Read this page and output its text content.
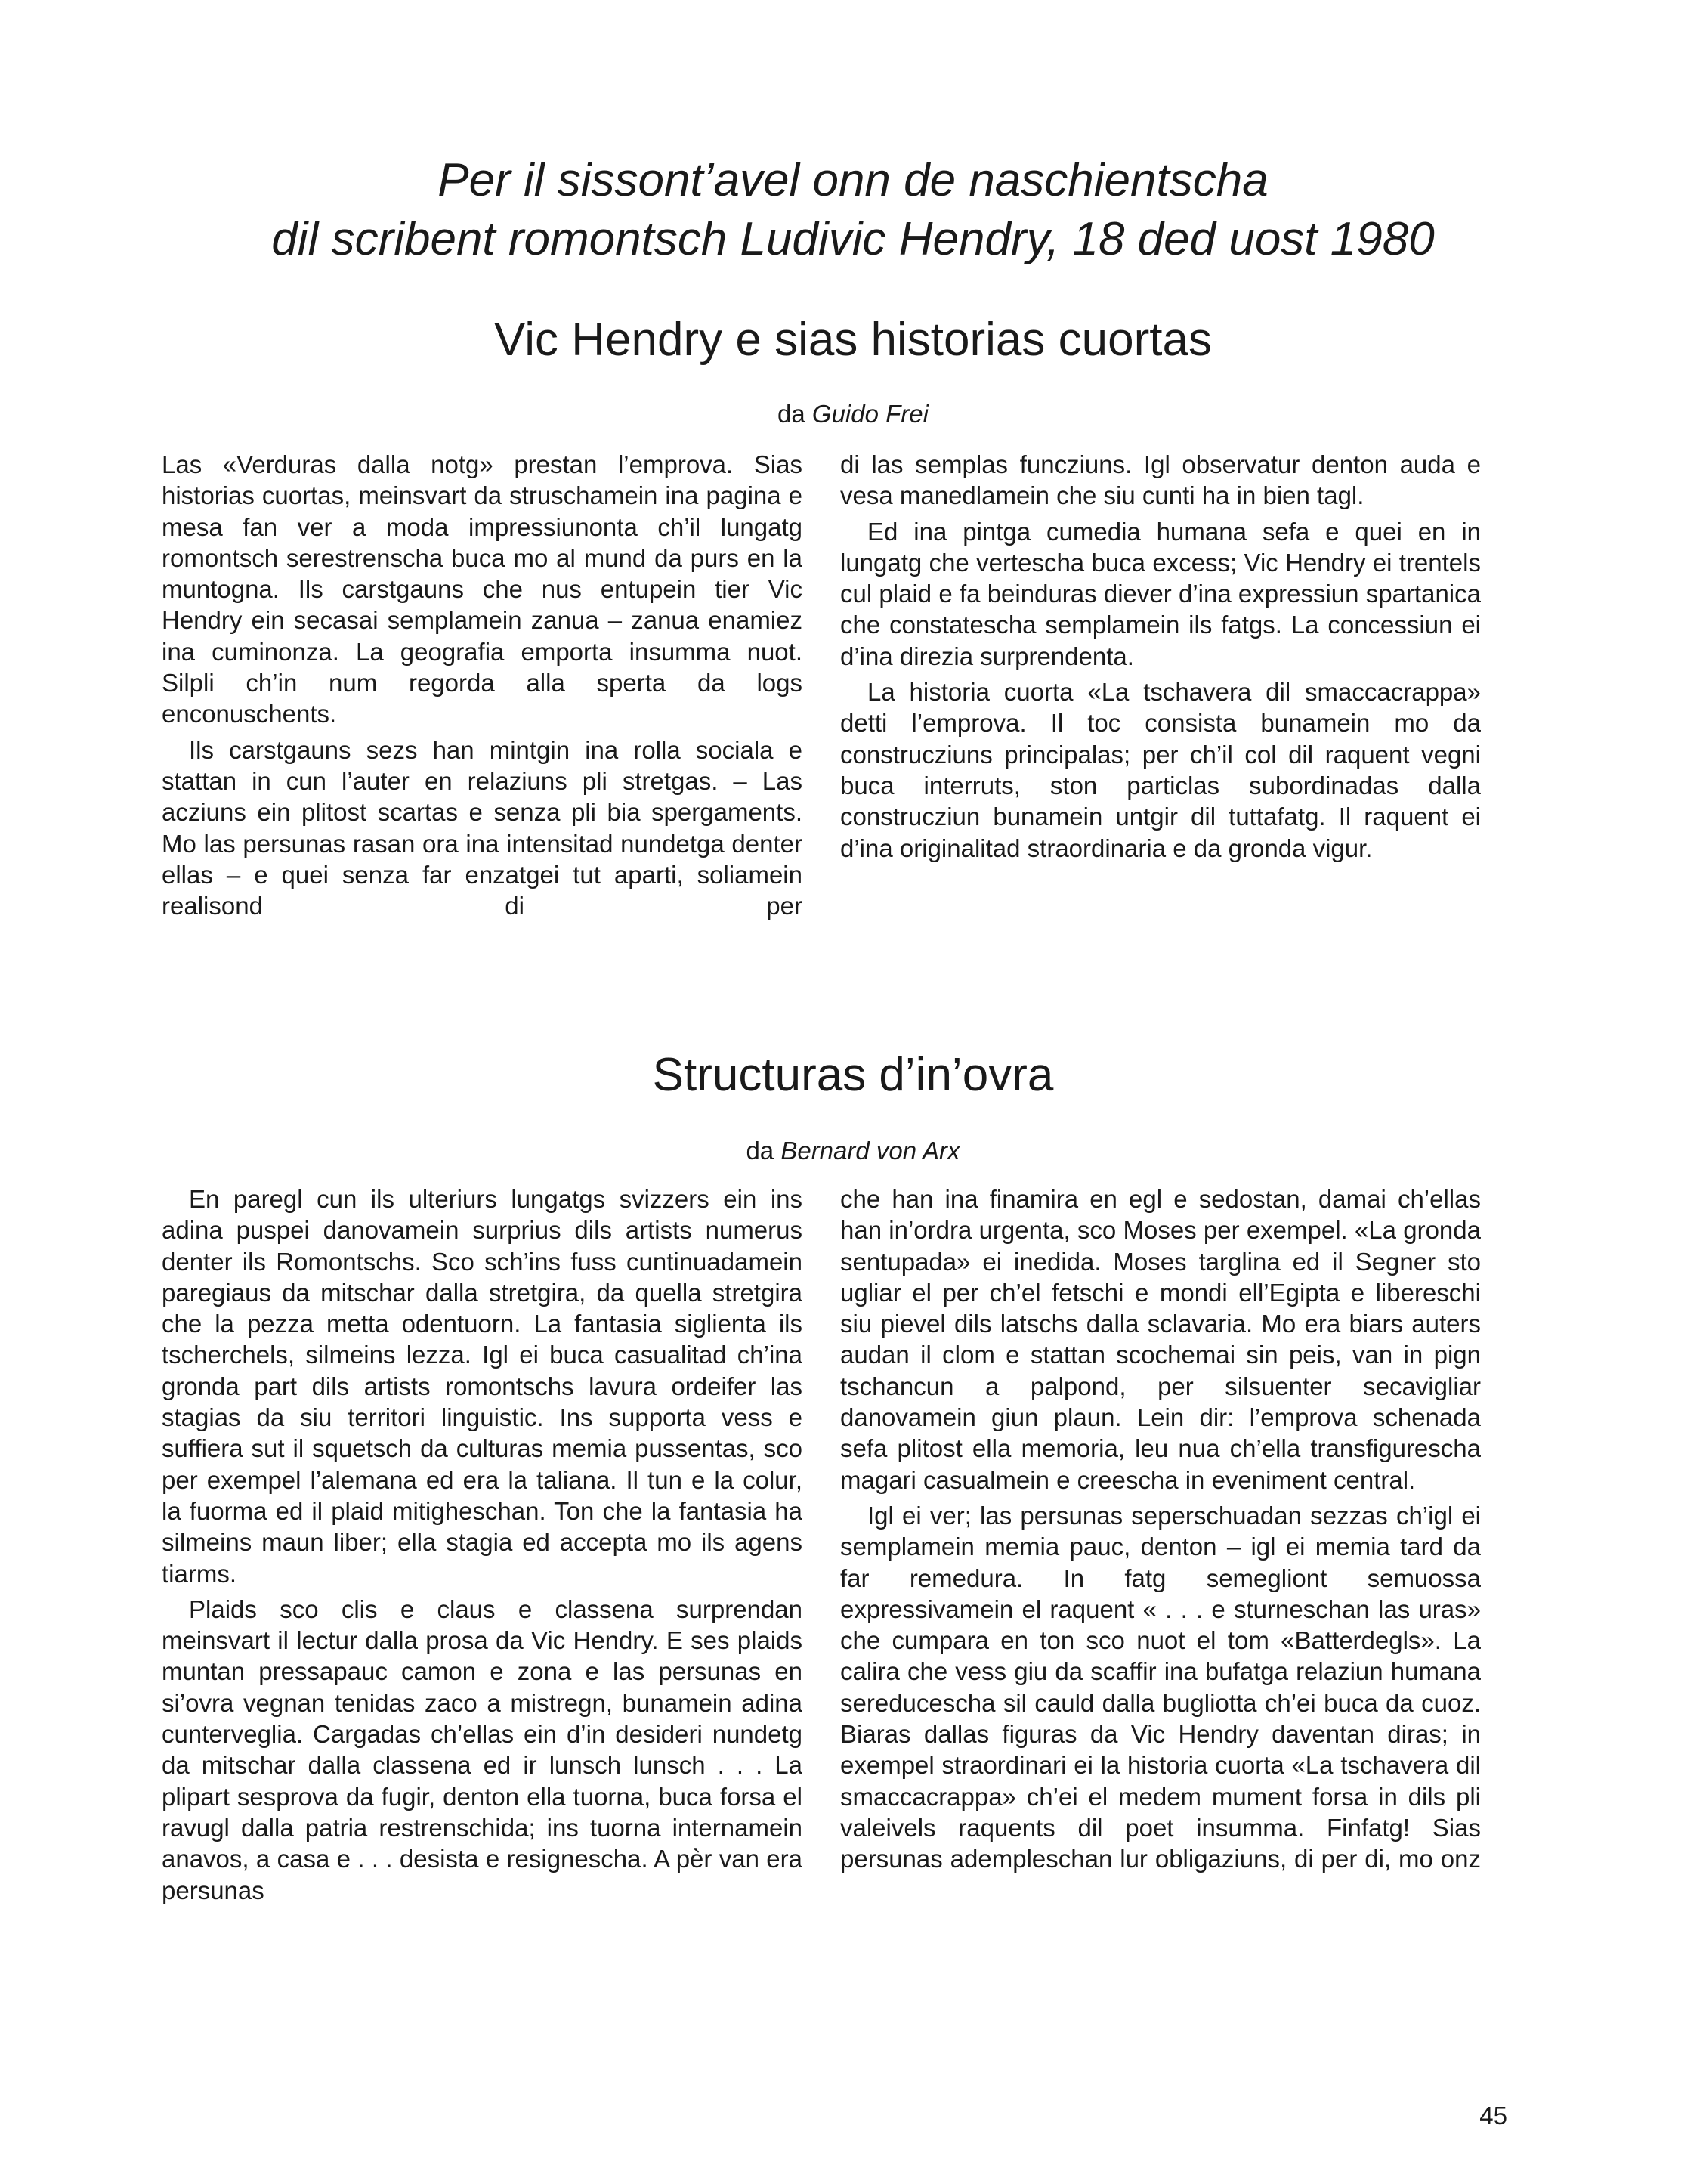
Per il sissont’avel onn de naschientscha
dil scribent romontsch Ludivic Hendry, 18 ded uost 1980
Vic Hendry e sias historias cuortas
da Guido Frei

Las «Verduras dalla notg» prestan l’emprova. Sias historias cuortas, meinsvart da struschamein ina pagina e mesa fan ver a moda impressiunonta ch’il lungatg romontsch serestrenscha buca mo al mund da purs en la muntogna. Ils carstgauns che nus entupein tier Vic Hendry ein secasai semplamein zanua – zanua enamiez ina cuminonza. La geografia emporta insumma nuot. Silpli ch’in num regorda alla sperta da logs enconuschents.

Ils carstgauns sezs han mintgin ina rolla sociala e stattan in cun l’auter en relaziuns pli stretgas. – Las acziuns ein plitost scartas e senza pli bia spergaments. Mo las persunas rasan ora ina intensitad nundetga denter ellas – e quei senza far enzatgei tut aparti, soliamein realisond di per

di las semplas funcziuns. Igl observatur denton auda e vesa manedlamein che siu cunti ha in bien tagl.

Ed ina pintga cumedia humana sefa e quei en in lungatg che vertescha buca excess; Vic Hendry ei trentels cul plaid e fa beinduras diever d’ina expressiun spartanica che constatescha semplamein ils fatgs. La concessiun ei d’ina direzia surprendenta.

La historia cuorta «La tschavera dil smaccacrappa» detti l’emprova. Il toc consista bunamein mo da construcziuns principalas; per ch’il col dil raquent vegni buca interruts, ston particlas subordinadas dalla construcziun bunamein untgir dil tuttafatg. Il raquent ei d’ina originalitad straordinaria e da gronda vigur.

Structuras d’in’ovra
da Bernard von Arx

En paregl cun ils ulteriurs lungatgs svizzers ein ins adina puspei danovamein surprius dils artists numerus denter ils Romontschs. Sco sch’ins fuss cuntinuadamein paregiaus da mitschar dalla stretgira, da quella stretgira che la pezza metta odentuorn. La fantasia siglienta ils tscherchels, silmeins lezza. Igl ei buca casualitad ch’ina gronda part dils artists romontschs lavura ordeifer las stagias da siu territori linguistic. Ins supporta vess e suffiera sut il squetsch da culturas memia pussentas, sco per exempel l’alemana ed era la taliana. Il tun e la colur, la fuorma ed il plaid mitigheschan. Ton che la fantasia ha silmeins maun liber; ella stagia ed accepta mo ils agens tiarms.

Plaids sco clis e claus e classena surprendan meinsvart il lectur dalla prosa da Vic Hendry. E ses plaids muntan pressapauc camon e zona e las persunas en si’ovra vegnan tenidas zaco a mistregn, bunamein adina cunterveglia. Cargadas ch’ellas ein d’in desideri nundetg da mitschar dalla classena ed ir lunsch lunsch . . . La plipart sesprova da fugir, denton ella tuorna, buca forsa el ravugl dalla patria restrenschida; ins tuorna internamein anavos, a casa e . . . desista e resignescha. A pèr van era persunas

che han ina finamira en egl e sedostan, damai ch’ellas han in’ordra urgenta, sco Moses per exempel. «La gronda sentupada» ei inedida. Moses targlina ed il Segner sto ugliar el per ch’el fetschi e mondi ell’Egipta e libereschi siu pievel dils latschs dalla sclavaria. Mo era biars auters audan il clom e stattan scochemai sin peis, van in pign tschancun a palpond, per silsuenter secavigliar danovamein giun plaun. Lein dir: l’emprova schenada sefa plitost ella memoria, leu nua ch’ella transfigurescha magari casualmein e creescha in eveniment central.

Igl ei ver; las persunas seperschuadan sezzas ch’igl ei semplamein memia pauc, denton – igl ei memia tard da far remedura. In fatg semegliont semuossa expressivamein el raquent « . . . e sturneschan las uras» che cumpara en ton sco nuot el tom «Batterdegls». La calira che vess giu da scaffir ina bufatga relaziun humana sereducescha sil cauld dalla bugliotta ch’ei buca da cuoz. Biaras dallas figuras da Vic Hendry daventan diras; in exempel straordinari ei la historia cuorta «La tschavera dil smaccacrappa» ch’ei el medem mument forsa in dils pli valeivels raquents dil poet insumma. Finfatg! Sias persunas adempleschan lur obligaziuns, di per di, mo onz

45
